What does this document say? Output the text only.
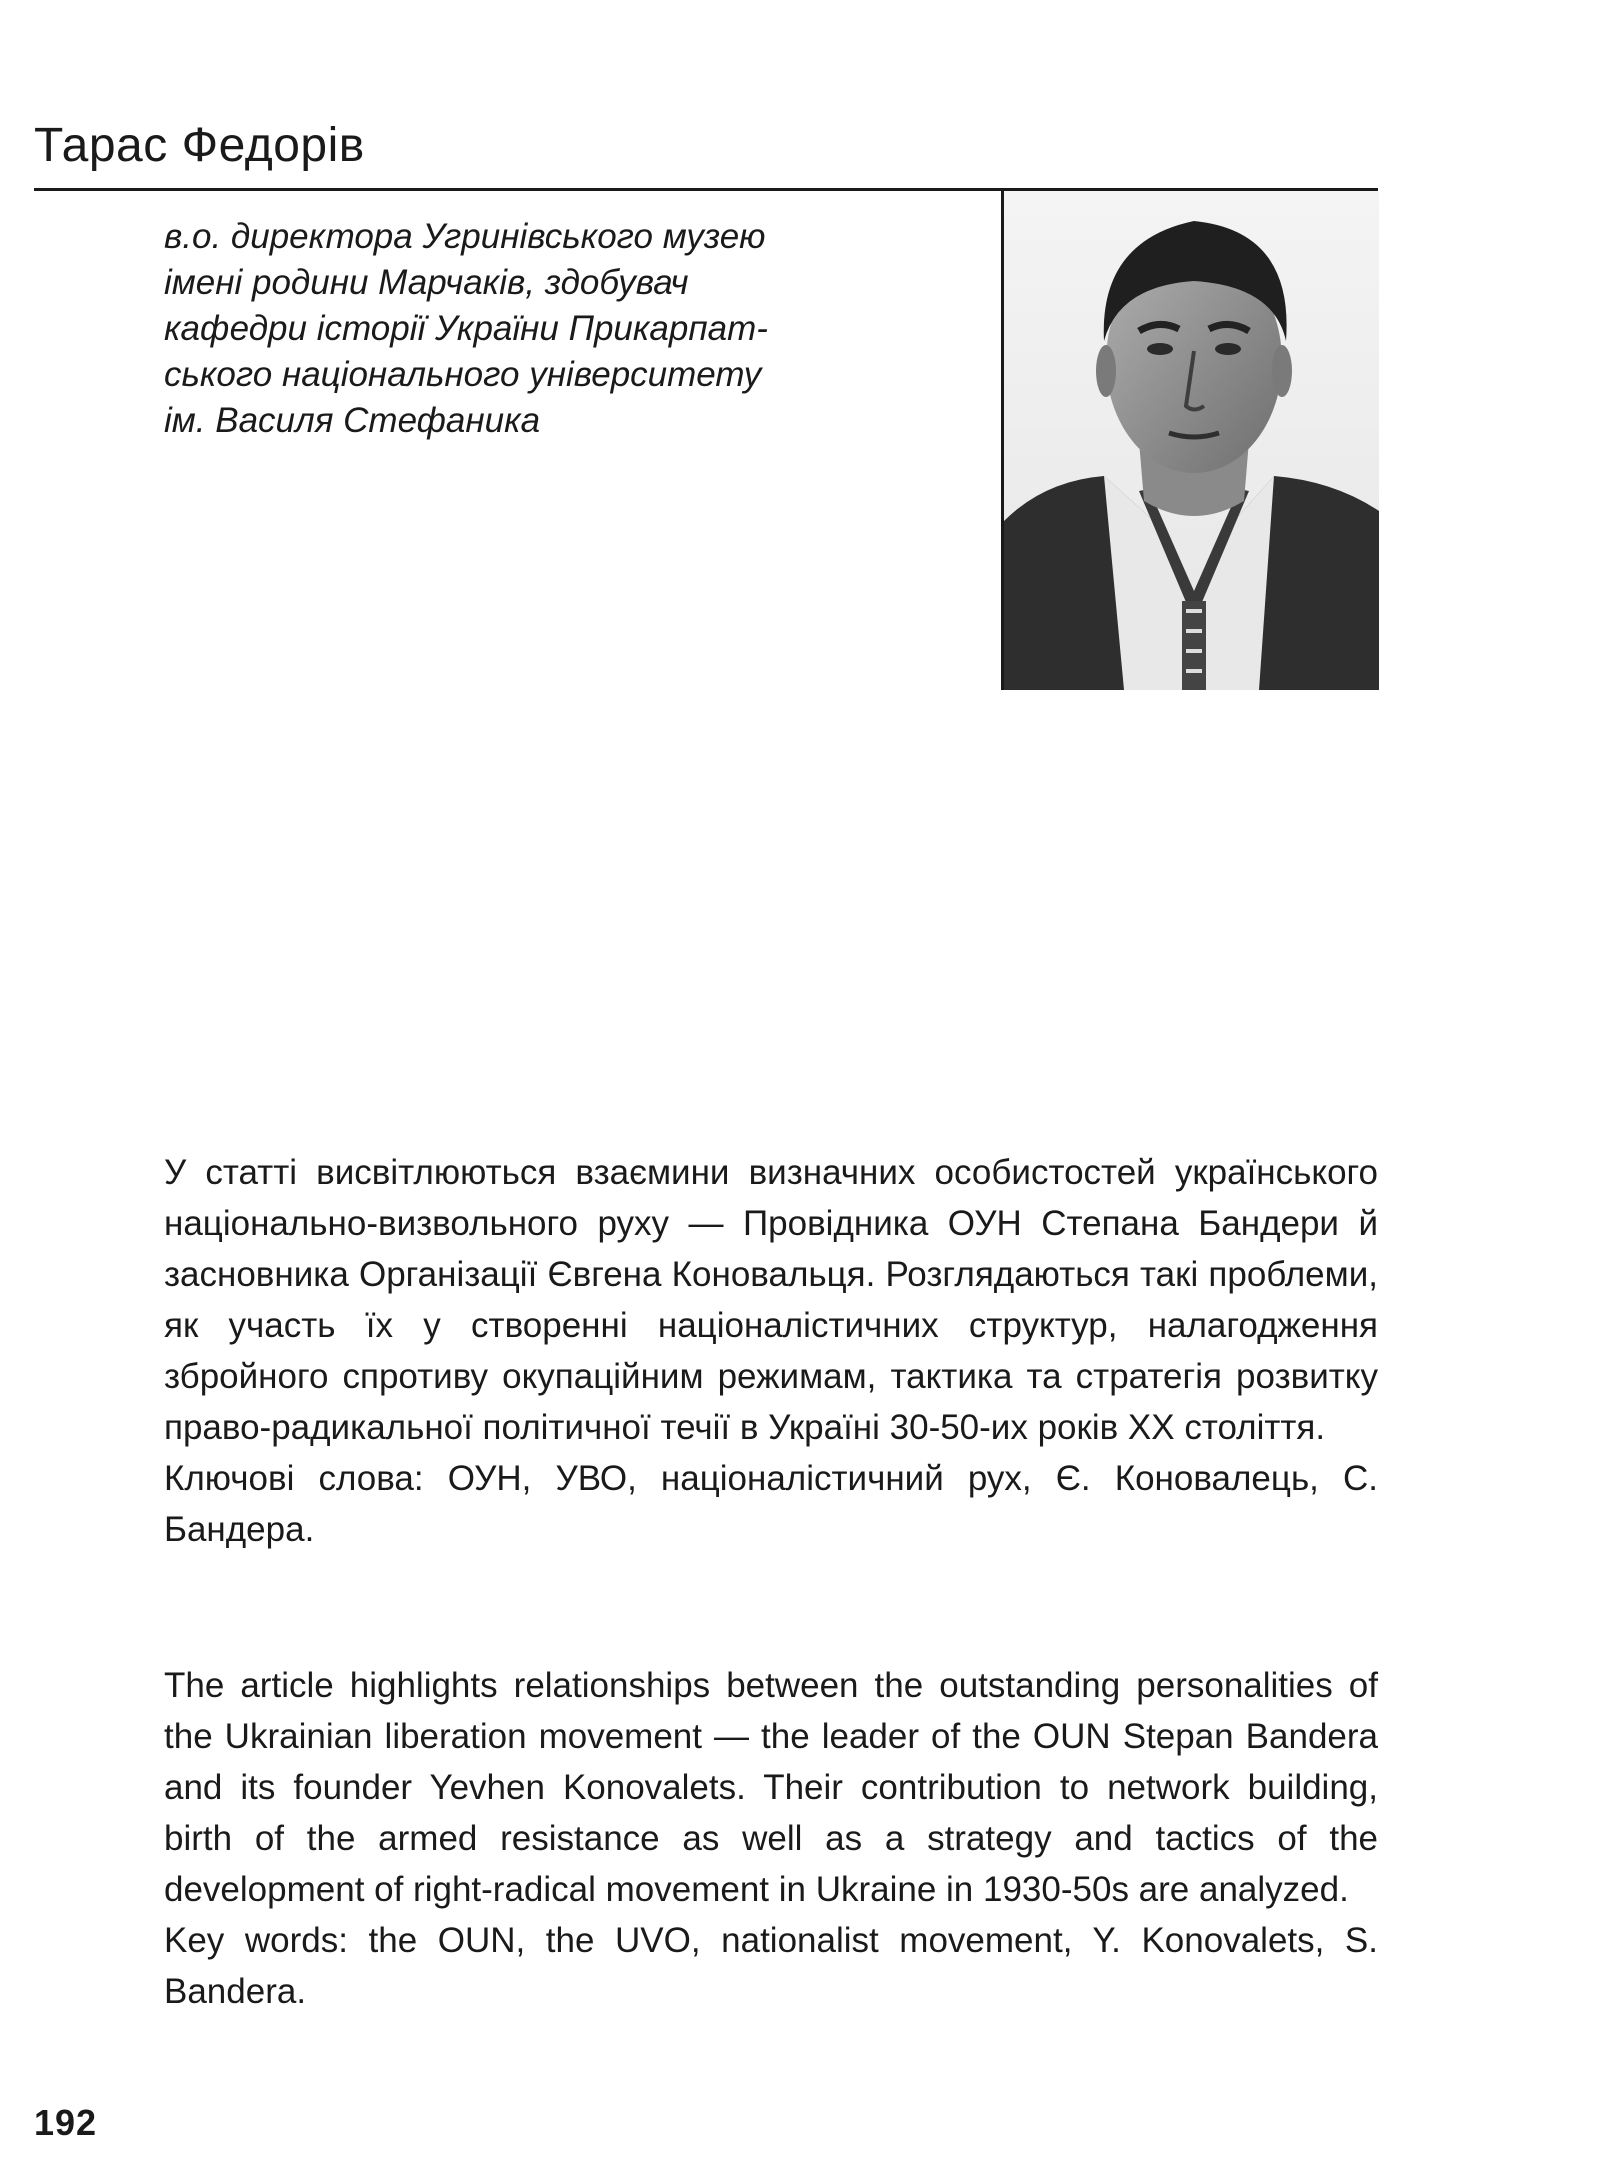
Тарас Федорів
в.о. директора Угринівського музею
імені родини Марчаків, здобувач
кафедри історії України Прикарпат-
ського національного університету
ім. Василя Стефаника

У статті висвітлюються взаємини визначних особистостей українського національно-визвольного руху — Провідника ОУН Степана Бандери й засновника Організації Євгена Коновальця. Розглядаються такі проблеми, як участь їх у створенні націоналістичних структур, налагодження збройного спротиву окупаційним режимам, тактика та стратегія розвитку право-радикальної політичної течії в Україні 30-50-их років ХХ століття.

Ключові слова: ОУН, УВО, націоналістичний рух, Є. Коновалець, С. Бандера.

The article highlights relationships between the outstanding personalities of the Ukrainian liberation movement — the leader of the OUN Stepan Bandera and its founder Yevhen Konovalets. Their contribution to network building, birth of the armed resistance as well as a strategy and tactics of the development of right-radical movement in Ukraine in 1930-50s are analyzed.

Key words: the OUN, the UVO, nationalist movement, Y. Konovalets, S. Bandera.

192
